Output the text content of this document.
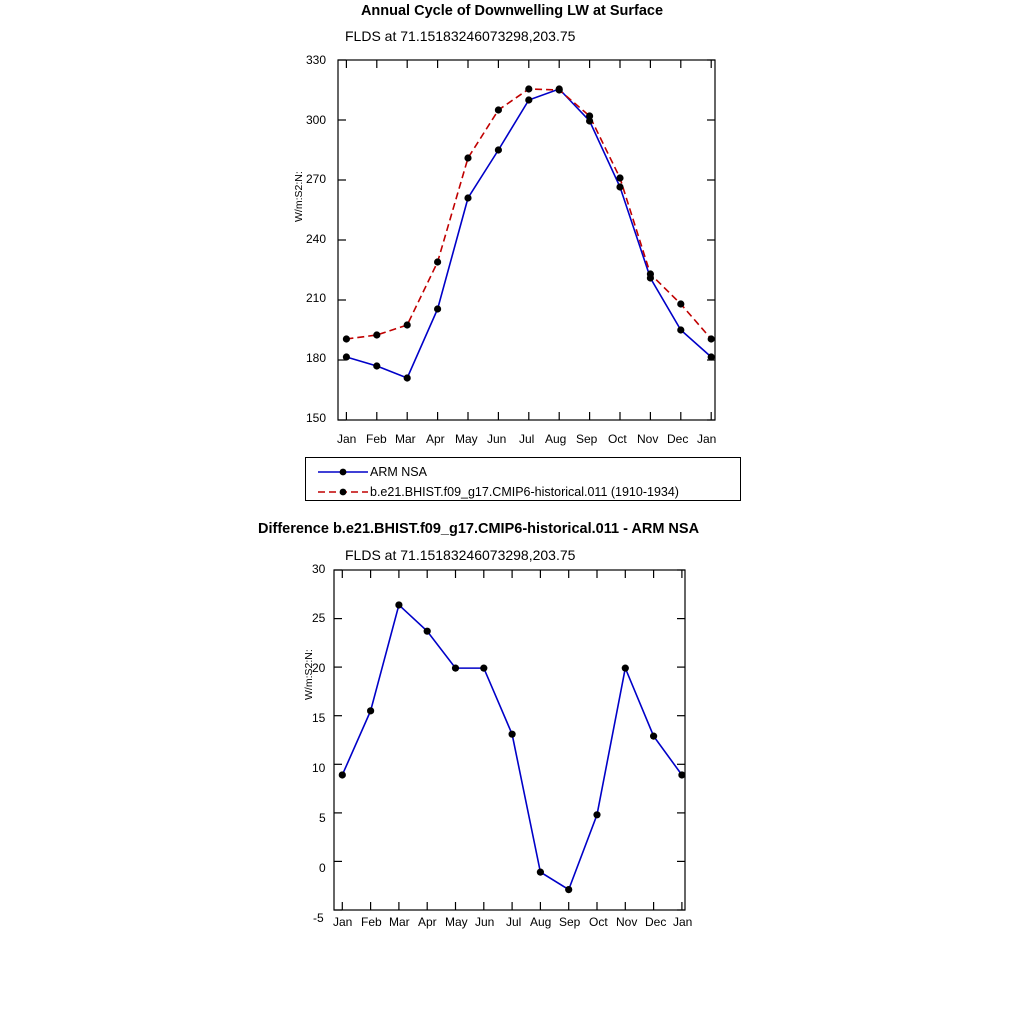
Annual Cycle of Downwelling LW at Surface
FLDS at 71.15183246073298,203.75
W/m:S2:N:
330
300
270
240
210
180
150
Jan Feb Mar Apr May Jun Jul Aug Sep Oct Nov Dec Jan
ARM NSA
b.e21.BHIST.f09_g17.CMIP6-historical.011 (1910-1934)
Difference b.e21.BHIST.f09_g17.CMIP6-historical.011 - ARM NSA
FLDS at 71.15183246073298,203.75
W/m:S2:N:
30
25
20
15
10
5
0
-5 Jan Feb Mar Apr May Jun Jul Aug Sep Oct Nov Dec Jan
